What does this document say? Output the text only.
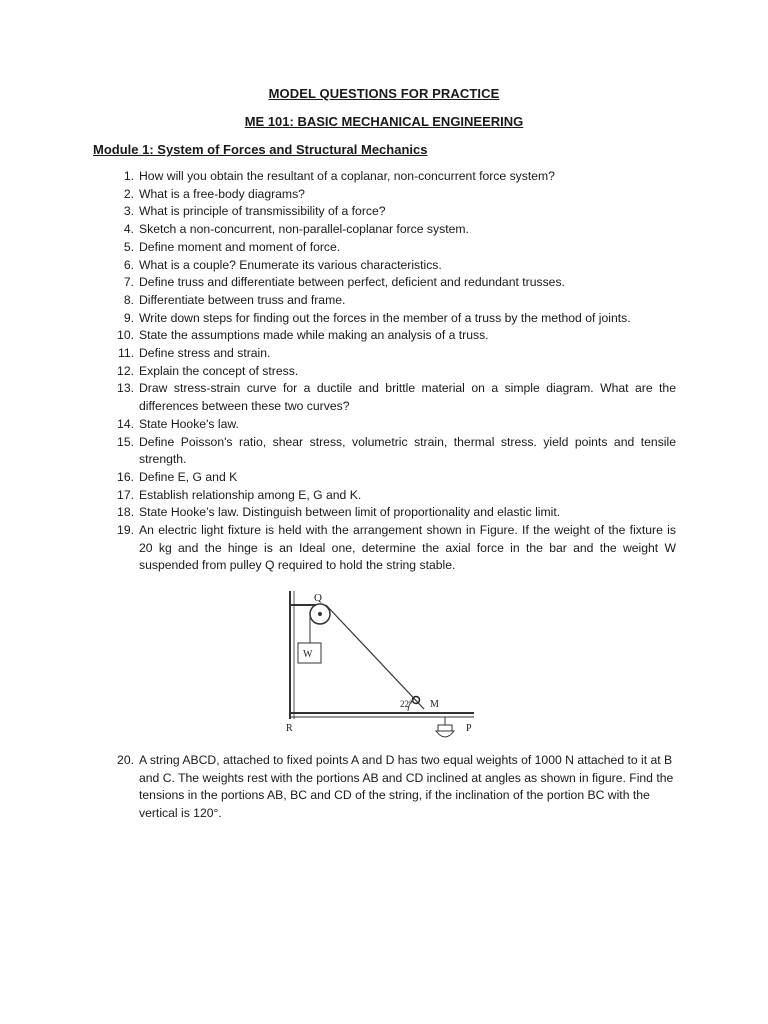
MODEL QUESTIONS FOR PRACTICE
ME 101: BASIC MECHANICAL ENGINEERING
Module 1: System of Forces and Structural Mechanics
1. How will you obtain the resultant of a coplanar, non-concurrent force system?
2. What is a free-body diagrams?
3. What is principle of transmissibility of a force?
4. Sketch a non-concurrent, non-parallel-coplanar force system.
5. Define moment and moment of force.
6. What is a couple? Enumerate its various characteristics.
7. Define truss and differentiate between perfect, deficient and redundant trusses.
8. Differentiate between truss and frame.
9. Write down steps for finding out the forces in the member of a truss by the method of joints.
10. State the assumptions made while making an analysis of a truss.
11. Define stress and strain.
12. Explain the concept of stress.
13. Draw stress-strain curve for a ductile and brittle material on a simple diagram. What are the differences between these two curves?
14. State Hooke's law.
15. Define Poisson's ratio, shear stress, volumetric strain, thermal stress. yield points and tensile strength.
16. Define E, G and K
17. Establish relationship among E, G and K.
18. State Hooke’s law. Distinguish between limit of proportionality and elastic limit.
19. An electric light fixture is held with the arrangement shown in Figure. If the weight of the fixture is 20 kg and the hinge is an Ideal one, determine the axial force in the bar and the weight W suspended from pulley Q required to hold the string stable.
Q
W
22° M
R	P
20. A string ABCD, attached to fixed points A and D has two equal weights of 1000 N attached to it at B and C. The weights rest with the portions AB and CD inclined at angles as shown in figure. Find the tensions in the portions AB, BC and CD of the string, if the inclination of the portion BC with the vertical is 120°.
